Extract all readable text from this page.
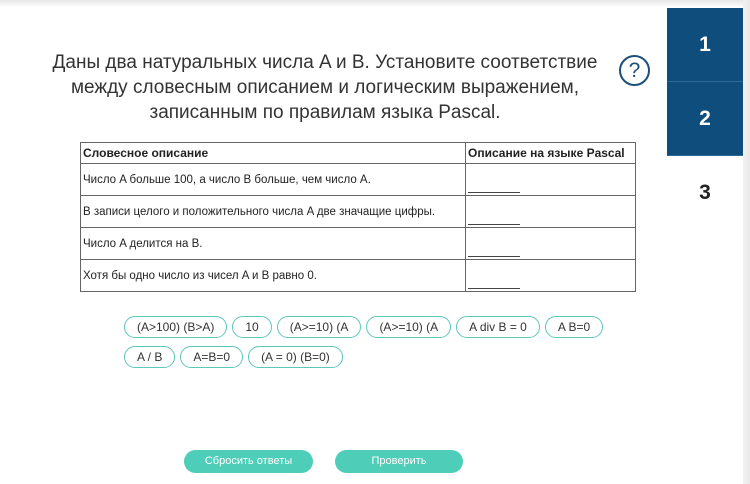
Даны два натуральных числа A и B. Установите соответствие
между словесным описанием и логическим выражением,
записанным по правилам языка Pascal.
?
1
2
3
Словесное описание	Описание на языке Pascal
Число A больше 100, а число B больше, чем число A.	

В записи целого и положительного числа A две значащие цифры.	

Число A делится на B.	

Хотя бы одно число из чисел A и B равно 0.	
(A>100) (B>A)	10	(A>=10) (A	(A>=10) (A	A div B = 0	A B=0
A / B	A=B=0	(A = 0) (B=0)
Сбросить ответы	Проверить
